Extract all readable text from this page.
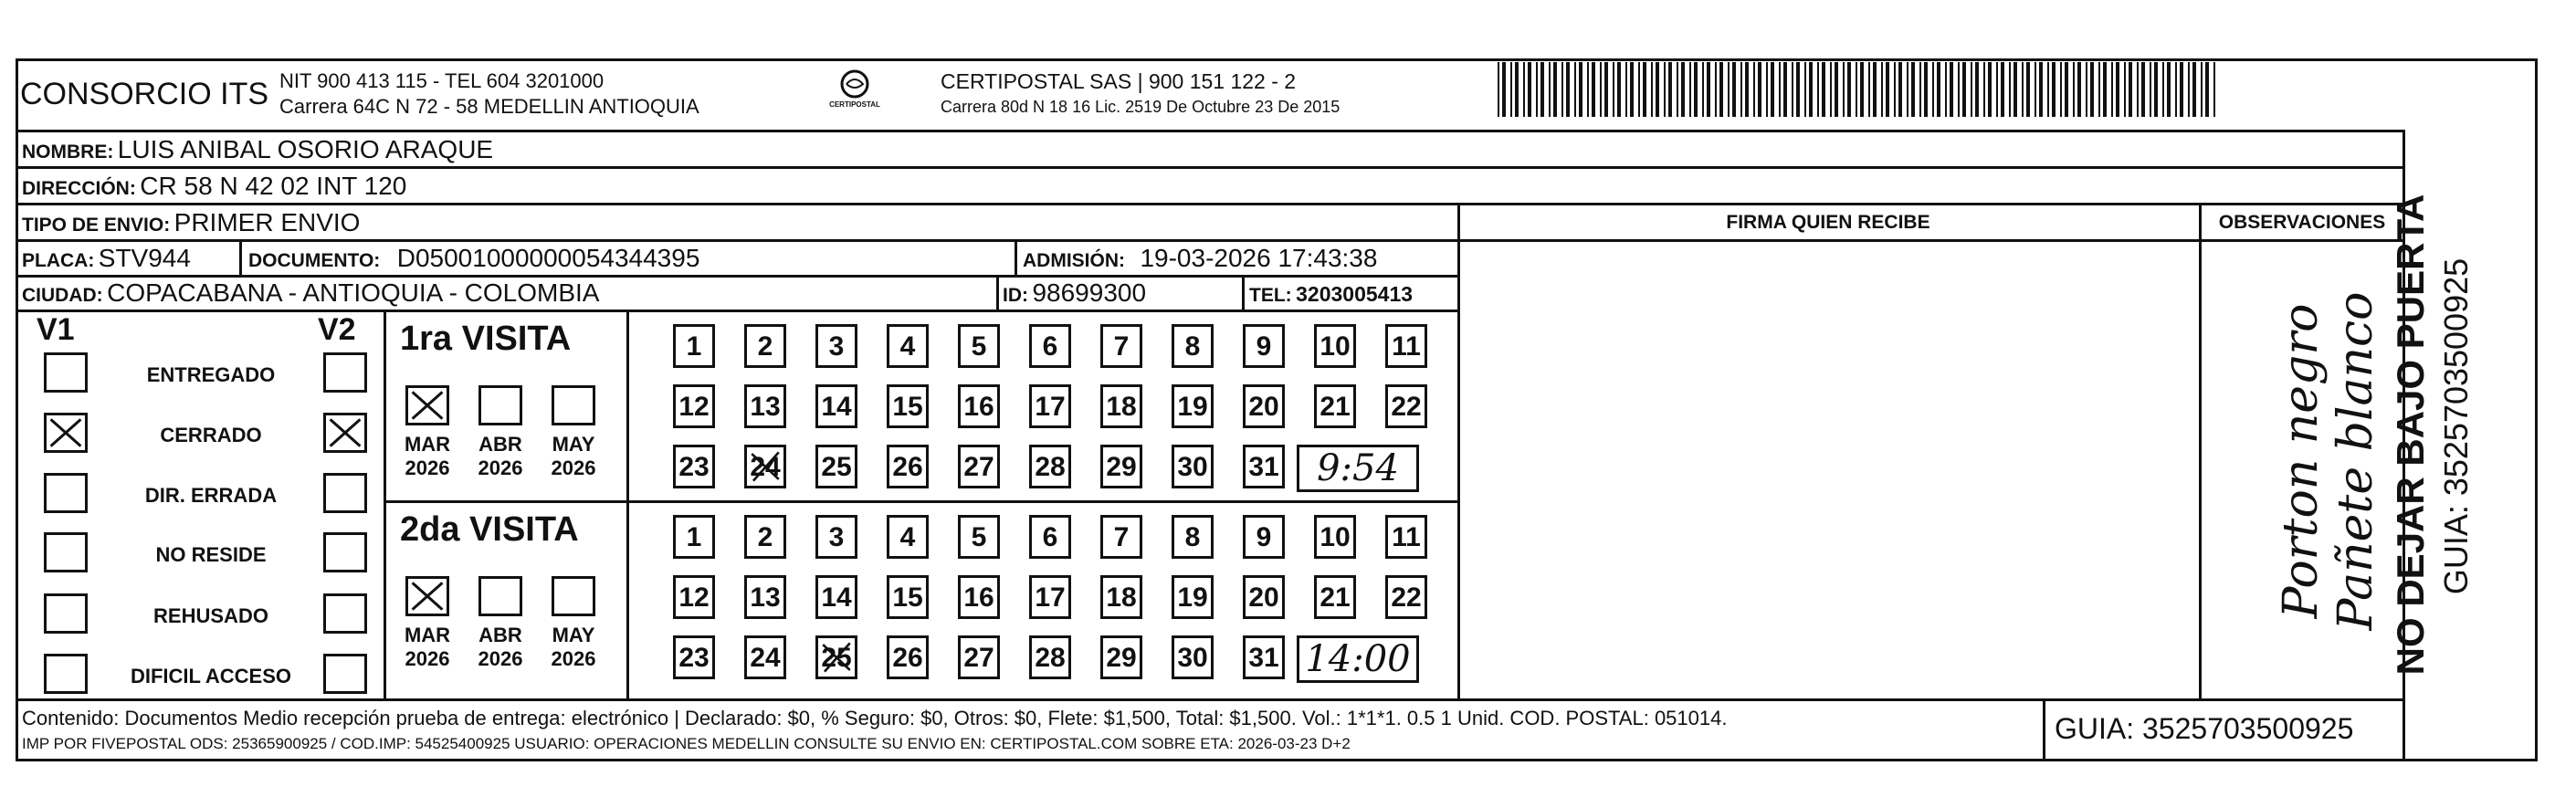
CONSORCIO ITS NIT 900 413 115 - TEL 604 3201000
Carrera 64C N 72 - 58 MEDELLIN ANTIOQUIA	CERTIPOSTAL
CERTIPOSTAL SAS | 900 151 122 - 2
Carrera 80d N 18 16 Lic. 2519 De Octubre 23 De 2015
NOMBRE: LUIS ANIBAL OSORIO ARAQUE
DIRECCIÓN: CR 58 N 42 02 INT 120
TIPO DE ENVIO: PRIMER ENVIO
PLACA: STV944	DOCUMENTO: D05001000000054344395	ADMISIÓN: 19-03-2026 17:43:38
CIUDAD: COPACABANA - ANTIOQUIA - COLOMBIA	ID: 98699300	TEL: 3203005413
FIRMA QUIEN RECIBE	OBSERVACIONES
Porton negro Pañete blanco
V1	V2
ENTREGADO
CERRADO
DIR. ERRADA
NO RESIDE
REHUSADO
DIFICIL ACCESO
1ra VISITA
MAR
2026
ABR
2026
MAY
2026
1	2	3	4	5	6	7	8	9	10 11
12 13 14 15 16 17 18 19 20 21 22
23 24 25 26 27 28 29 30 31	9:54
2da VISITA
MAR
2026
ABR
2026
MAY
2026
1	2	3	4	5	6	7	8	9	10 11
12 13 14 15 16 17 18 19 20 21 22
23 24 25 26 27 28 29 30 31 14:00
Contenido: Documentos Medio recepción prueba de entrega: electrónico | Declarado: $0, % Seguro: $0, Otros: $0, Flete: $1,500, Total: $1,500. Vol.: 1*1*1. 0.5 1 Unid. COD. POSTAL: 051014.
IMP POR FIVEPOSTAL ODS: 25365900925 / COD.IMP: 54525400925 USUARIO: OPERACIONES MEDELLIN CONSULTE SU ENVIO EN: CERTIPOSTAL.COM SOBRE ETA: 2026-03-23 D+2	GUIA: 3525703500925
NO DEJAR BAJO PUERTA GUIA: 3525703500925
